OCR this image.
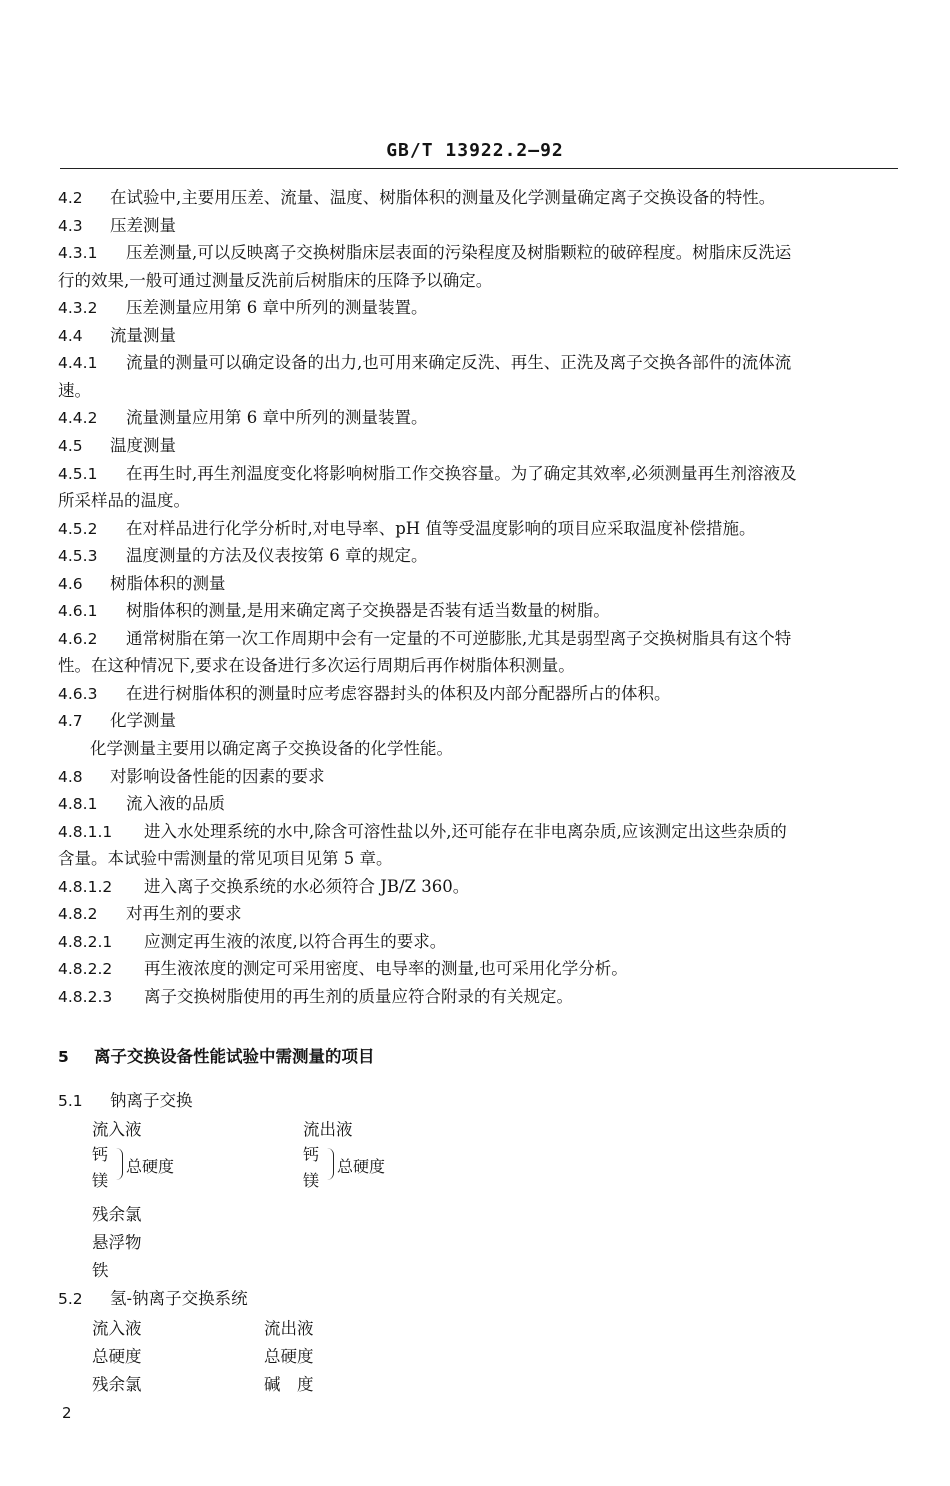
GB/T 13922.2—92
4.2 在试验中,主要用压差、流量、温度、树脂体积的测量及化学测量确定离子交换设备的特性。
4.3 压差测量
4.3.1 压差测量,可以反映离子交换树脂床层表面的污染程度及树脂颗粒的破碎程度。树脂床反洗运
行的效果,一般可通过测量反洗前后树脂床的压降予以确定。
4.3.2 压差测量应用第 6 章中所列的测量装置。
4.4 流量测量
4.4.1 流量的测量可以确定设备的出力,也可用来确定反洗、再生、正洗及离子交换各部件的流体流
速。
4.4.2 流量测量应用第 6 章中所列的测量装置。
4.5 温度测量
4.5.1 在再生时,再生剂温度变化将影响树脂工作交换容量。为了确定其效率,必须测量再生剂溶液及
所采样品的温度。
4.5.2 在对样品进行化学分析时,对电导率、pH 值等受温度影响的项目应采取温度补偿措施。
4.5.3 温度测量的方法及仪表按第 6 章的规定。
4.6 树脂体积的测量
4.6.1 树脂体积的测量,是用来确定离子交换器是否装有适当数量的树脂。
4.6.2 通常树脂在第一次工作周期中会有一定量的不可逆膨胀,尤其是弱型离子交换树脂具有这个特
性。在这种情况下,要求在设备进行多次运行周期后再作树脂体积测量。
4.6.3 在进行树脂体积的测量时应考虑容器封头的体积及内部分配器所占的体积。
4.7 化学测量
化学测量主要用以确定离子交换设备的化学性能。
4.8 对影响设备性能的因素的要求
4.8.1 流入液的品质
4.8.1.1 进入水处理系统的水中,除含可溶性盐以外,还可能存在非电离杂质,应该测定出这些杂质的
含量。本试验中需测量的常见项目见第 5 章。
4.8.1.2 进入离子交换系统的水必须符合 JB/Z 360。
4.8.2 对再生剂的要求
4.8.2.1 应测定再生液的浓度,以符合再生的要求。
4.8.2.2 再生液浓度的测定可采用密度、电导率的测量,也可采用化学分析。
4.8.2.3 离子交换树脂使用的再生剂的质量应符合附录的有关规定。
5 离子交换设备性能试验中需测量的项目
5.1 钠离子交换
流入液	流出液
钙
镁
总硬度
钙
镁
总硬度
残余氯
悬浮物
铁
5.2 氢-钠离子交换系统
流入液
总硬度
残余氯
流出液
总硬度
碱　度
2
